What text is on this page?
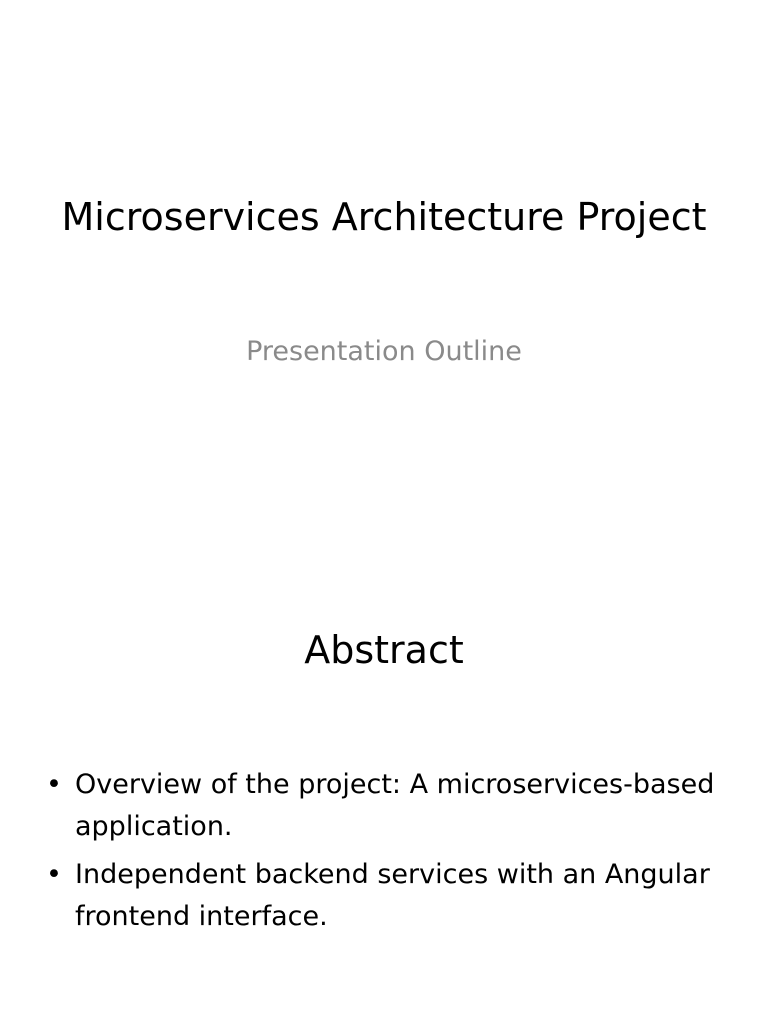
Microservices Architecture Project

Presentation Outline

Abstract
• Overview of the project: A microservices-based application.
• Independent backend services with an Angular frontend interface.
